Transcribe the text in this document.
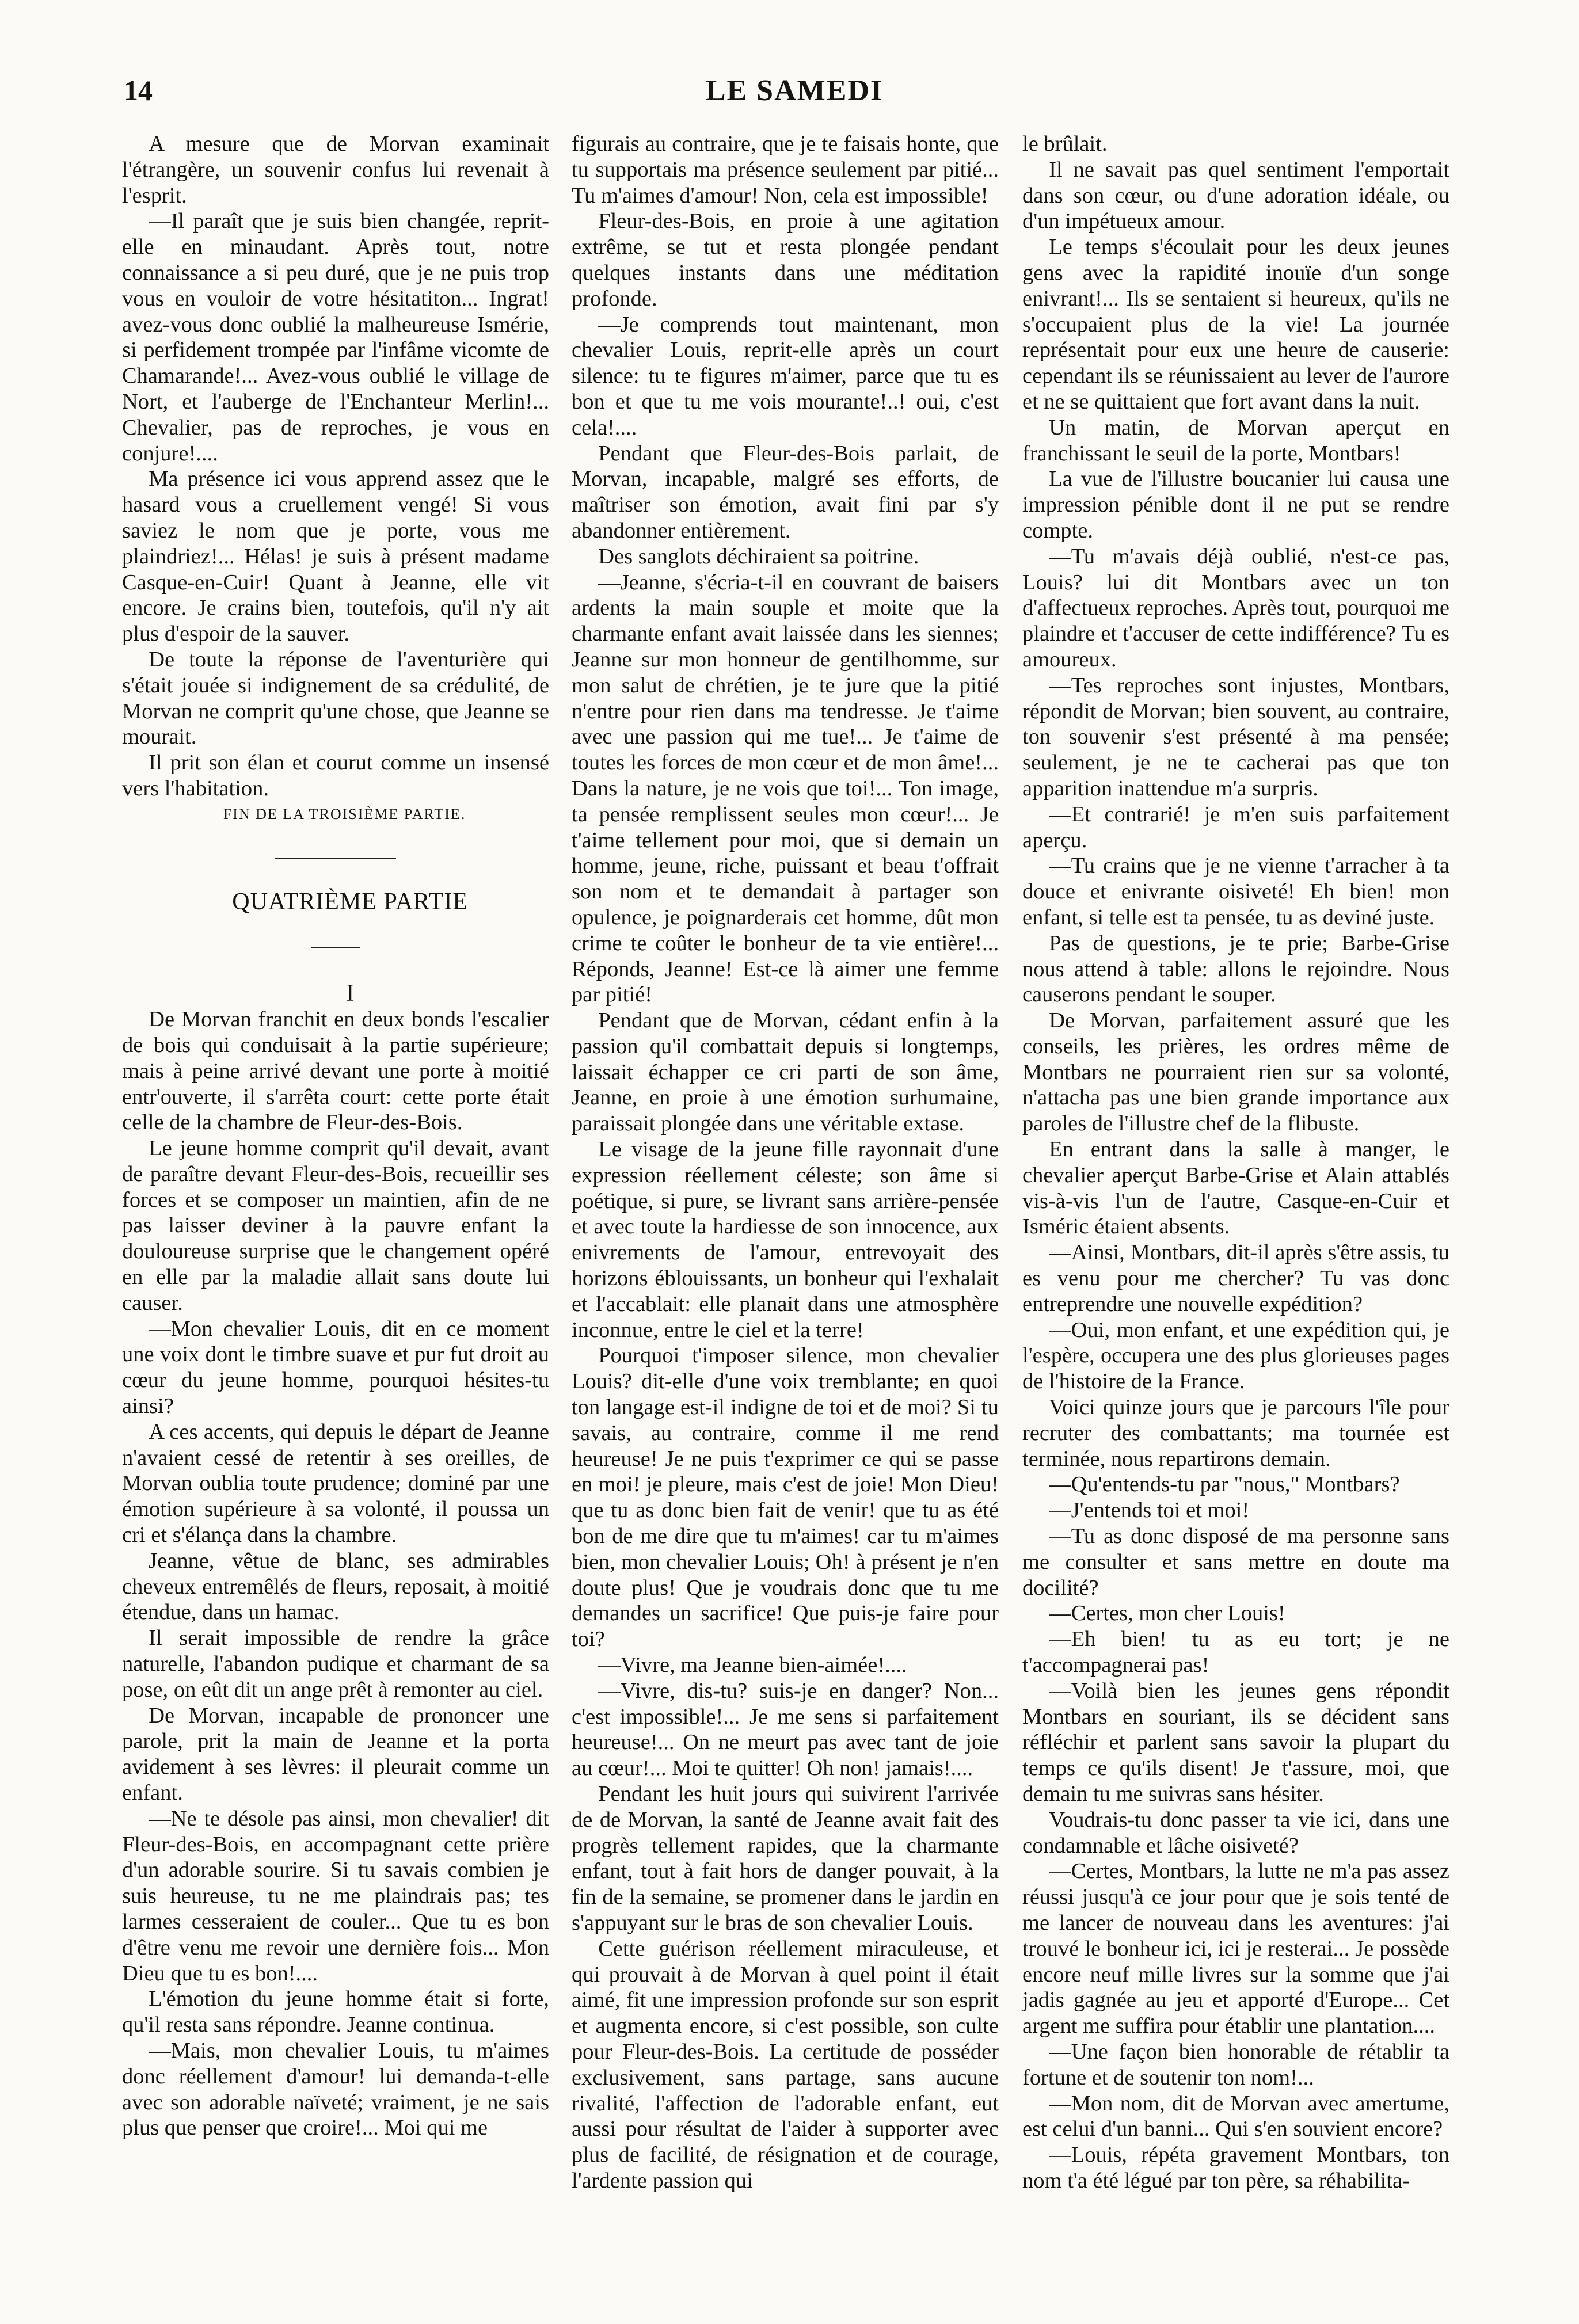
14	LE SAMEDI

A mesure que de Morvan examinait l'étrangère, un souvenir confus lui revenait à l'esprit.

—Il paraît que je suis bien changée, reprit-elle en minaudant. Après tout, notre connaissance a si peu duré, que je ne puis trop vous en vouloir de votre hésitatiton... Ingrat! avez-vous donc oublié la malheureuse Ismérie, si perfidement trompée par l'infâme vicomte de Chamarande!... Avez-vous oublié le village de Nort, et l'auberge de l'Enchanteur Merlin!... Chevalier, pas de reproches, je vous en conjure!....

Ma présence ici vous apprend assez que le hasard vous a cruellement vengé! Si vous saviez le nom que je porte, vous me plaindriez!... Hélas! je suis à présent madame Casque-en-Cuir! Quant à Jeanne, elle vit encore. Je crains bien, toutefois, qu'il n'y ait plus d'espoir de la sauver.

De toute la réponse de l'aventurière qui s'était jouée si indignement de sa crédulité, de Morvan ne comprit qu'une chose, que Jeanne se mourait.

Il prit son élan et courut comme un insensé vers l'habitation.

FIN DE LA TROISIÈME PARTIE.

QUATRIÈME PARTIE

I

De Morvan franchit en deux bonds l'escalier de bois qui conduisait à la partie supérieure; mais à peine arrivé devant une porte à moitié entr'ouverte, il s'arrêta court: cette porte était celle de la chambre de Fleur-des-Bois.

Le jeune homme comprit qu'il devait, avant de paraître devant Fleur-des-Bois, recueillir ses forces et se composer un maintien, afin de ne pas laisser deviner à la pauvre enfant la douloureuse surprise que le changement opéré en elle par la maladie allait sans doute lui causer.

—Mon chevalier Louis, dit en ce moment une voix dont le timbre suave et pur fut droit au cœur du jeune homme, pourquoi hésites-tu ainsi?

A ces accents, qui depuis le départ de Jeanne n'avaient cessé de retentir à ses oreilles, de Morvan oublia toute prudence; dominé par une émotion supérieure à sa volonté, il poussa un cri et s'élança dans la chambre.

Jeanne, vêtue de blanc, ses admirables cheveux entremêlés de fleurs, reposait, à moitié étendue, dans un hamac.

Il serait impossible de rendre la grâce naturelle, l'abandon pudique et charmant de sa pose, on eût dit un ange prêt à remonter au ciel.

De Morvan, incapable de prononcer une parole, prit la main de Jeanne et la porta avidement à ses lèvres: il pleurait comme un enfant.

—Ne te désole pas ainsi, mon chevalier! dit Fleur-des-Bois, en accompagnant cette prière d'un adorable sourire. Si tu savais combien je suis heureuse, tu ne me plaindrais pas; tes larmes cesseraient de couler... Que tu es bon d'être venu me revoir une dernière fois... Mon Dieu que tu es bon!....

L'émotion du jeune homme était si forte, qu'il resta sans répondre. Jeanne continua.

—Mais, mon chevalier Louis, tu m'aimes donc réellement d'amour! lui demanda-t-elle avec son adorable naïveté; vraiment, je ne sais plus que penser que croire!... Moi qui me

figurais au contraire, que je te faisais honte, que tu supportais ma présence seulement par pitié... Tu m'aimes d'amour! Non, cela est impossible!

Fleur-des-Bois, en proie à une agitation extrême, se tut et resta plongée pendant quelques instants dans une méditation profonde.

—Je comprends tout maintenant, mon chevalier Louis, reprit-elle après un court silence: tu te figures m'aimer, parce que tu es bon et que tu me vois mourante!..! oui, c'est cela!....

Pendant que Fleur-des-Bois parlait, de Morvan, incapable, malgré ses efforts, de maîtriser son émotion, avait fini par s'y abandonner entièrement.

Des sanglots déchiraient sa poitrine.

—Jeanne, s'écria-t-il en couvrant de baisers ardents la main souple et moite que la charmante enfant avait laissée dans les siennes; Jeanne sur mon honneur de gentilhomme, sur mon salut de chrétien, je te jure que la pitié n'entre pour rien dans ma tendresse. Je t'aime avec une passion qui me tue!... Je t'aime de toutes les forces de mon cœur et de mon âme!... Dans la nature, je ne vois que toi!... Ton image, ta pensée remplissent seules mon cœur!... Je t'aime tellement pour moi, que si demain un homme, jeune, riche, puissant et beau t'offrait son nom et te demandait à partager son opulence, je poignarderais cet homme, dût mon crime te coûter le bonheur de ta vie entière!... Réponds, Jeanne! Est-ce là aimer une femme par pitié!

Pendant que de Morvan, cédant enfin à la passion qu'il combattait depuis si longtemps, laissait échapper ce cri parti de son âme, Jeanne, en proie à une émotion surhumaine, paraissait plongée dans une véritable extase.

Le visage de la jeune fille rayonnait d'une expression réellement céleste; son âme si poétique, si pure, se livrant sans arrière-pensée et avec toute la hardiesse de son innocence, aux enivrements de l'amour, entrevoyait des horizons éblouissants, un bonheur qui l'exhalait et l'accablait: elle planait dans une atmosphère inconnue, entre le ciel et la terre!

Pourquoi t'imposer silence, mon chevalier Louis? dit-elle d'une voix tremblante; en quoi ton langage est-il indigne de toi et de moi? Si tu savais, au contraire, comme il me rend heureuse! Je ne puis t'exprimer ce qui se passe en moi! je pleure, mais c'est de joie! Mon Dieu! que tu as donc bien fait de venir! que tu as été bon de me dire que tu m'aimes! car tu m'aimes bien, mon chevalier Louis; Oh! à présent je n'en doute plus! Que je voudrais donc que tu me demandes un sacrifice! Que puis-je faire pour toi?

—Vivre, ma Jeanne bien-aimée!....

—Vivre, dis-tu? suis-je en danger? Non... c'est impossible!... Je me sens si parfaitement heureuse!... On ne meurt pas avec tant de joie au cœur!... Moi te quitter! Oh non! jamais!....

Pendant les huit jours qui suivirent l'arrivée de de Morvan, la santé de Jeanne avait fait des progrès tellement rapides, que la charmante enfant, tout à fait hors de danger pouvait, à la fin de la semaine, se promener dans le jardin en s'appuyant sur le bras de son chevalier Louis.

Cette guérison réellement miraculeuse, et qui prouvait à de Morvan à quel point il était aimé, fit une impression profonde sur son esprit et augmenta encore, si c'est possible, son culte pour Fleur-des-Bois. La certitude de posséder exclusivement, sans partage, sans aucune rivalité, l'affection de l'adorable enfant, eut aussi pour résultat de l'aider à supporter avec plus de facilité, de résignation et de courage, l'ardente passion qui

le brûlait.

Il ne savait pas quel sentiment l'emportait dans son cœur, ou d'une adoration idéale, ou d'un impétueux amour.

Le temps s'écoulait pour les deux jeunes gens avec la rapidité inouïe d'un songe enivrant!... Ils se sentaient si heureux, qu'ils ne s'occupaient plus de la vie! La journée représentait pour eux une heure de causerie: cependant ils se réunissaient au lever de l'aurore et ne se quittaient que fort avant dans la nuit.

Un matin, de Morvan aperçut en franchissant le seuil de la porte, Montbars!

La vue de l'illustre boucanier lui causa une impression pénible dont il ne put se rendre compte.

—Tu m'avais déjà oublié, n'est-ce pas, Louis? lui dit Montbars avec un ton d'affectueux reproches. Après tout, pourquoi me plaindre et t'accuser de cette indifférence? Tu es amoureux.

—Tes reproches sont injustes, Montbars, répondit de Morvan; bien souvent, au contraire, ton souvenir s'est présenté à ma pensée; seulement, je ne te cacherai pas que ton apparition inattendue m'a surpris.

—Et contrarié! je m'en suis parfaitement aperçu.

—Tu crains que je ne vienne t'arracher à ta douce et enivrante oisiveté! Eh bien! mon enfant, si telle est ta pensée, tu as deviné juste.

Pas de questions, je te prie; Barbe-Grise nous attend à table: allons le rejoindre. Nous causerons pendant le souper.

De Morvan, parfaitement assuré que les conseils, les prières, les ordres même de Montbars ne pourraient rien sur sa volonté, n'attacha pas une bien grande importance aux paroles de l'illustre chef de la flibuste.

En entrant dans la salle à manger, le chevalier aperçut Barbe-Grise et Alain attablés vis-à-vis l'un de l'autre, Casque-en-Cuir et Isméric étaient absents.

—Ainsi, Montbars, dit-il après s'être assis, tu es venu pour me chercher? Tu vas donc entreprendre une nouvelle expédition?

—Oui, mon enfant, et une expédition qui, je l'espère, occupera une des plus glorieuses pages de l'histoire de la France.

Voici quinze jours que je parcours l'île pour recruter des combattants; ma tournée est terminée, nous repartirons demain.

—Qu'entends-tu par "nous," Montbars?

—J'entends toi et moi!

—Tu as donc disposé de ma personne sans me consulter et sans mettre en doute ma docilité?

—Certes, mon cher Louis!

—Eh bien! tu as eu tort; je ne t'accompagnerai pas!

—Voilà bien les jeunes gens répondit Montbars en souriant, ils se décident sans réfléchir et parlent sans savoir la plupart du temps ce qu'ils disent! Je t'assure, moi, que demain tu me suivras sans hésiter.

Voudrais-tu donc passer ta vie ici, dans une condamnable et lâche oisiveté?

—Certes, Montbars, la lutte ne m'a pas assez réussi jusqu'à ce jour pour que je sois tenté de me lancer de nouveau dans les aventures: j'ai trouvé le bonheur ici, ici je resterai... Je possède encore neuf mille livres sur la somme que j'ai jadis gagnée au jeu et apporté d'Europe... Cet argent me suffira pour établir une plantation....

—Une façon bien honorable de rétablir ta fortune et de soutenir ton nom!...

—Mon nom, dit de Morvan avec amertume, est celui d'un banni... Qui s'en souvient encore?

—Louis, répéta gravement Montbars, ton nom t'a été légué par ton père, sa réhabilita-
